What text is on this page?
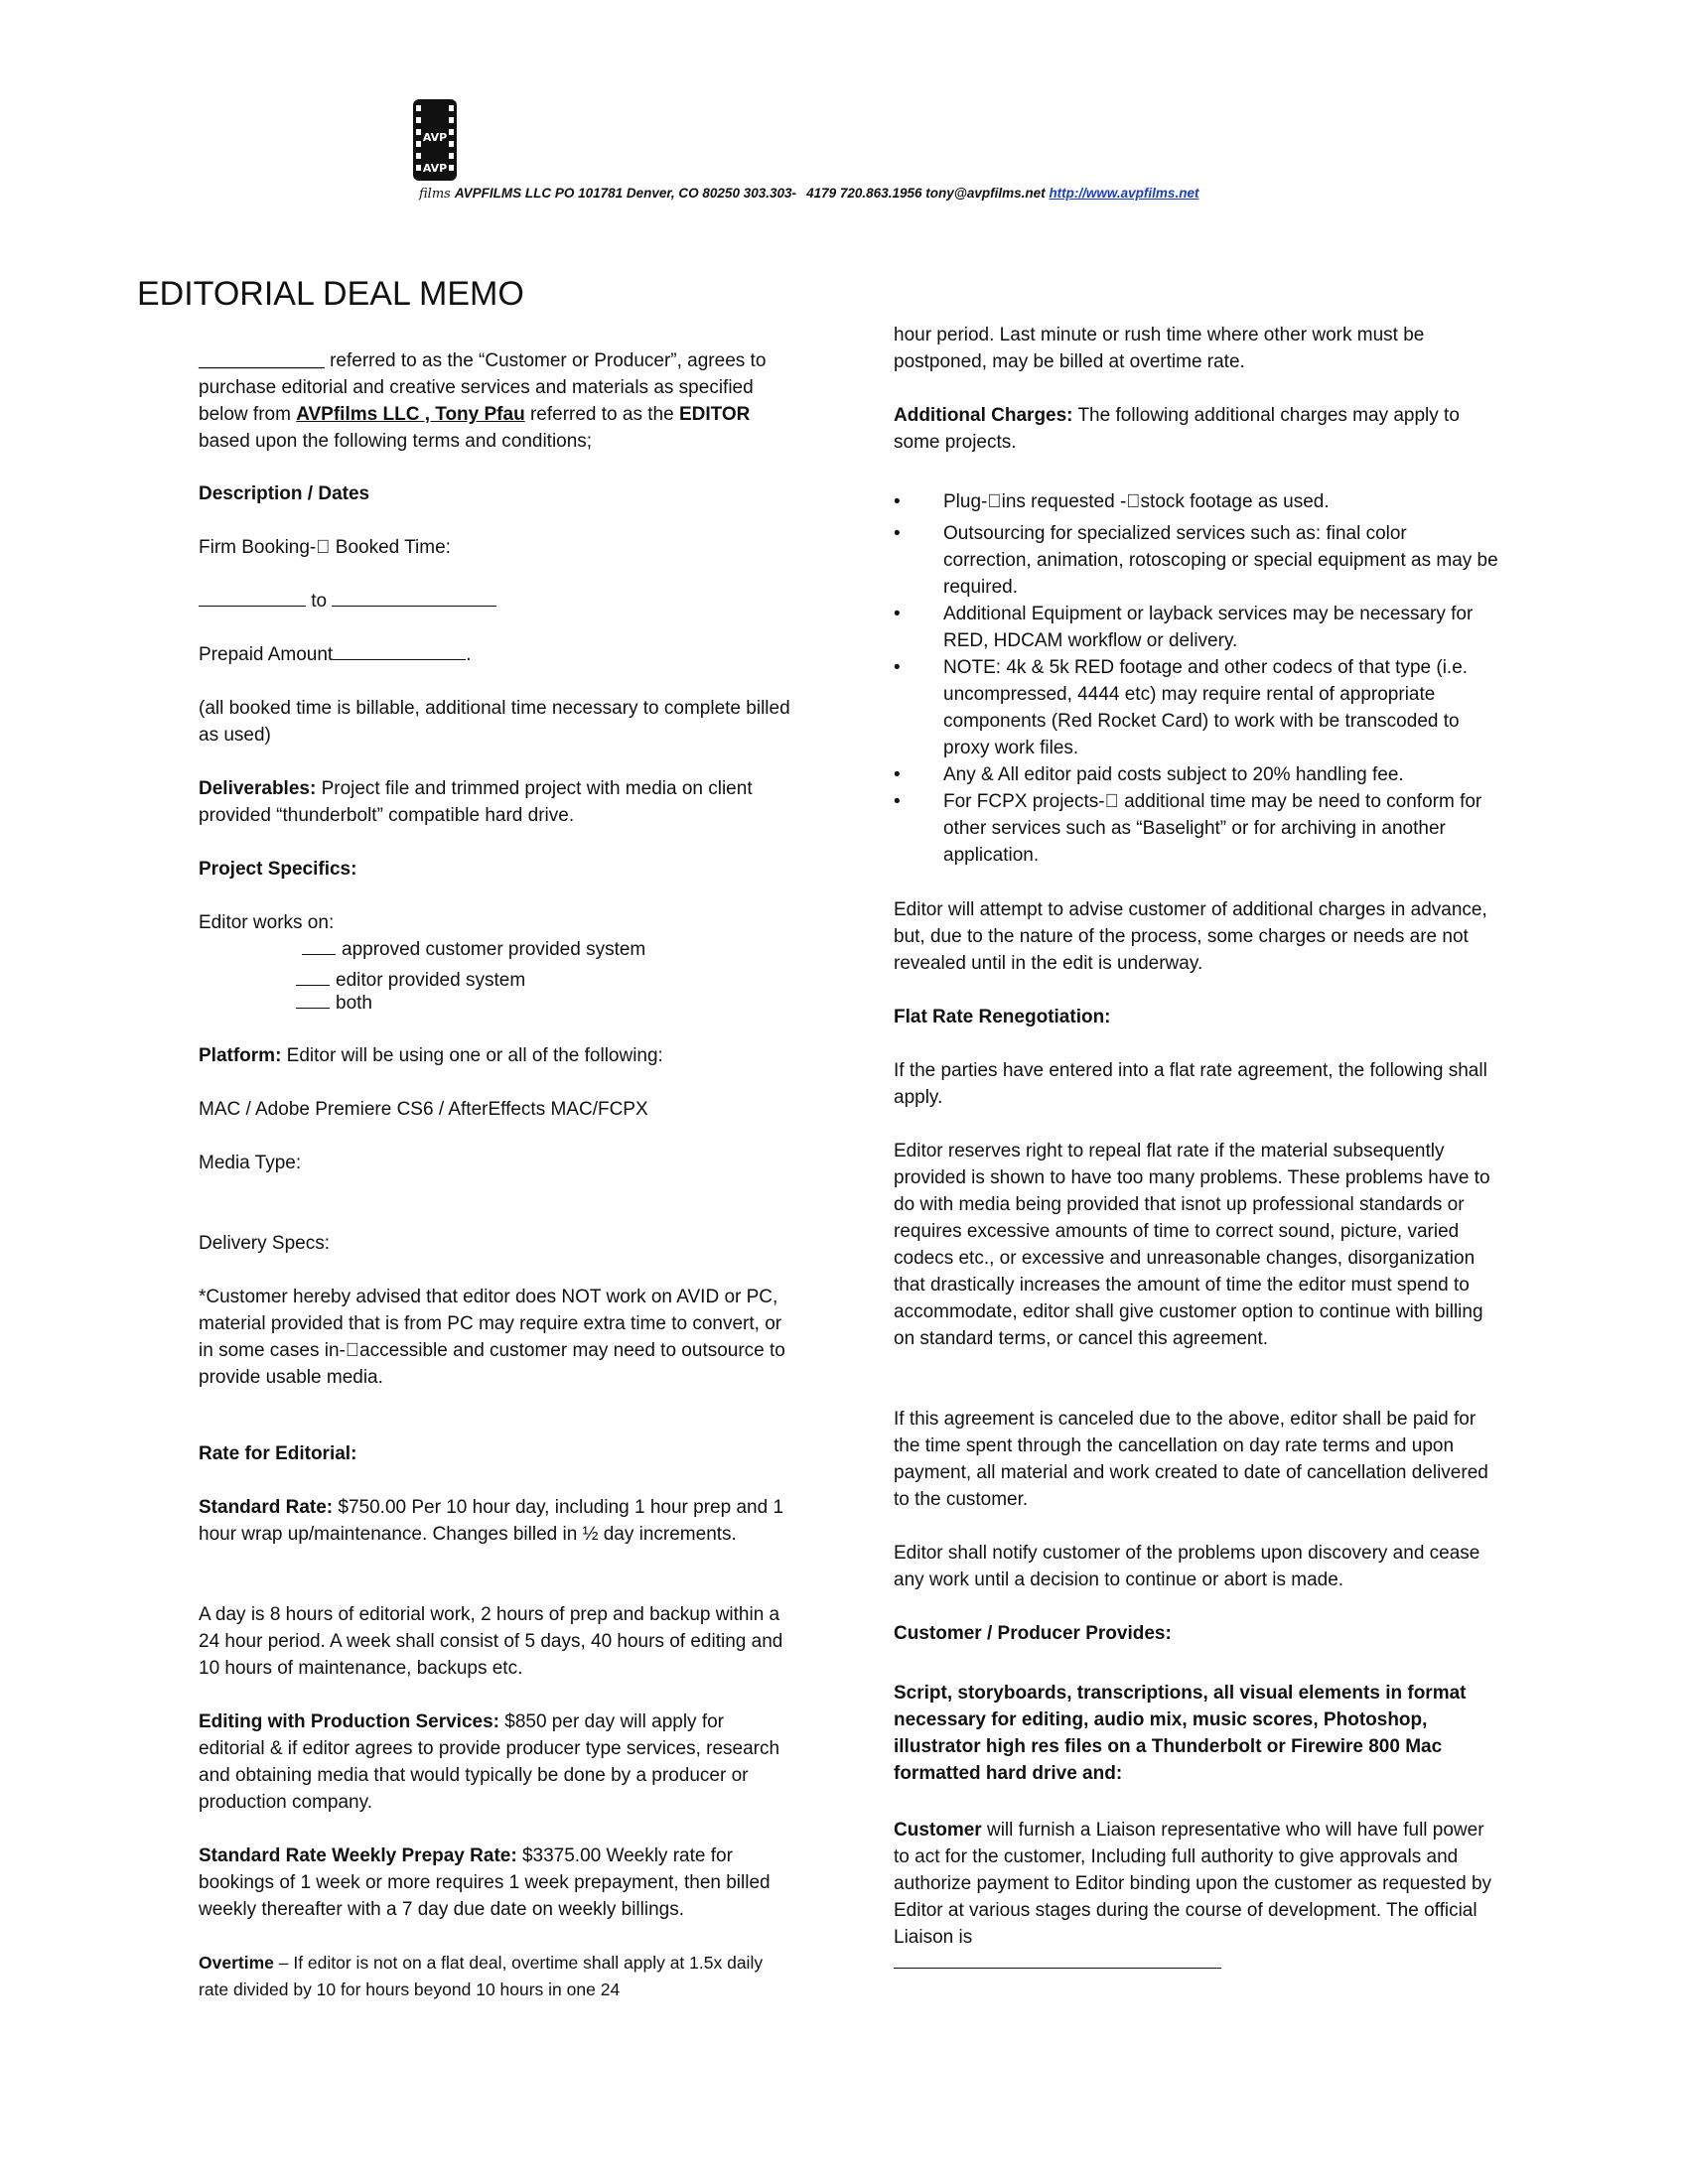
AVP
AVP
films AVPFILMS LLC PO 101781 Denver, CO 80250 303.303-􏰀4179 720.863.1956 tony@avpfilms.net http://www.avpfilms.net
EDITORIAL DEAL MEMO

____________ referred to as the “Customer or Producer”, agrees to purchase editorial and creative services and materials as specified below from AVPfilms LLC , Tony Pfau referred to as the EDITOR based upon the following terms and conditions;

Description / Dates

Firm Booking-􏰀 Booked Time:

to
Prepaid Amount	.

(all booked time is billable, additional time necessary to complete billed as used)

Deliverables: Project file and trimmed project with media on client provided “thunderbolt” compatible hard drive.

Project Specifics:

Editor works on:

approved customer provided system
editor provided system
both

Platform: Editor will be using one or all of the following:

MAC / Adobe Premiere CS6 / AfterEffects MAC/FCPX

Media Type:

Delivery Specs:

*Customer hereby advised that editor does NOT work on AVID or PC, material provided that is from PC may require extra time to convert, or in some cases in-􏰀accessible and customer may need to outsource to provide usable media.

Rate for Editorial:

Standard Rate: $750.00 Per 10 hour day, including 1 hour prep and 1 hour wrap up/maintenance. Changes billed in ½ day increments.

A day is 8 hours of editorial work, 2 hours of prep and backup within a 24 hour period. A week shall consist of 5 days, 40 hours of editing and 10 hours of maintenance, backups etc.

Editing with Production Services: $850 per day will apply for editorial & if editor agrees to provide producer type services, research and obtaining media that would typically be done by a producer or production company.

Standard Rate Weekly Prepay Rate: $3375.00 Weekly rate for bookings of 1 week or more requires 1 week prepayment, then billed weekly thereafter with a 7 day due date on weekly billings.

Overtime – If editor is not on a flat deal, overtime shall apply at 1.5x daily rate divided by 10 for hours beyond 10 hours in one 24

hour period. Last minute or rush time where other work must be postponed, may be billed at overtime rate.

Additional Charges: The following additional charges may apply to some projects.

• Plug-􏰀ins requested -􏰀stock footage as used.
• Outsourcing for specialized services such as: final color correction, animation, rotoscoping or special equipment as may be required.
• Additional Equipment or layback services may be necessary for RED, HDCAM workflow or delivery.
• NOTE: 4k & 5k RED footage and other codecs of that type (i.e. uncompressed, 4444 etc) may require rental of appropriate components (Red Rocket Card) to work with be transcoded to proxy work files.
• Any & All editor paid costs subject to 20% handling fee.
• For FCPX projects-􏰀 additional time may be need to conform for other services such as “Baselight” or for archiving in another application.

Editor will attempt to advise customer of additional charges in advance, but, due to the nature of the process, some charges or needs are not revealed until in the edit is underway.

Flat Rate Renegotiation:

If the parties have entered into a flat rate agreement, the following shall apply.

Editor reserves right to repeal flat rate if the material subsequently provided is shown to have too many problems. These problems have to do with media being provided that isnot up professional standards or requires excessive amounts of time to correct sound, picture, varied codecs etc., or excessive and unreasonable changes, disorganization that drastically increases the amount of time the editor must spend to accommodate, editor shall give customer option to continue with billing on standard terms, or cancel this agreement.

If this agreement is canceled due to the above, editor shall be paid for the time spent through the cancellation on day rate terms and upon payment, all material and work created to date of cancellation delivered to the customer.

Editor shall notify customer of the problems upon discovery and cease any work until a decision to continue or abort is made.

Customer / Producer Provides:

Script, storyboards, transcriptions, all visual elements in format necessary for editing, audio mix, music scores, Photoshop, illustrator high res files on a Thunderbolt or Firewire 800 Mac formatted hard drive and:

Customer will furnish a Liaison representative who will have full power to act for the customer, Including full authority to give approvals and authorize payment to Editor binding upon the customer as requested by Editor at various stages during the course of development. The official Liaison is
